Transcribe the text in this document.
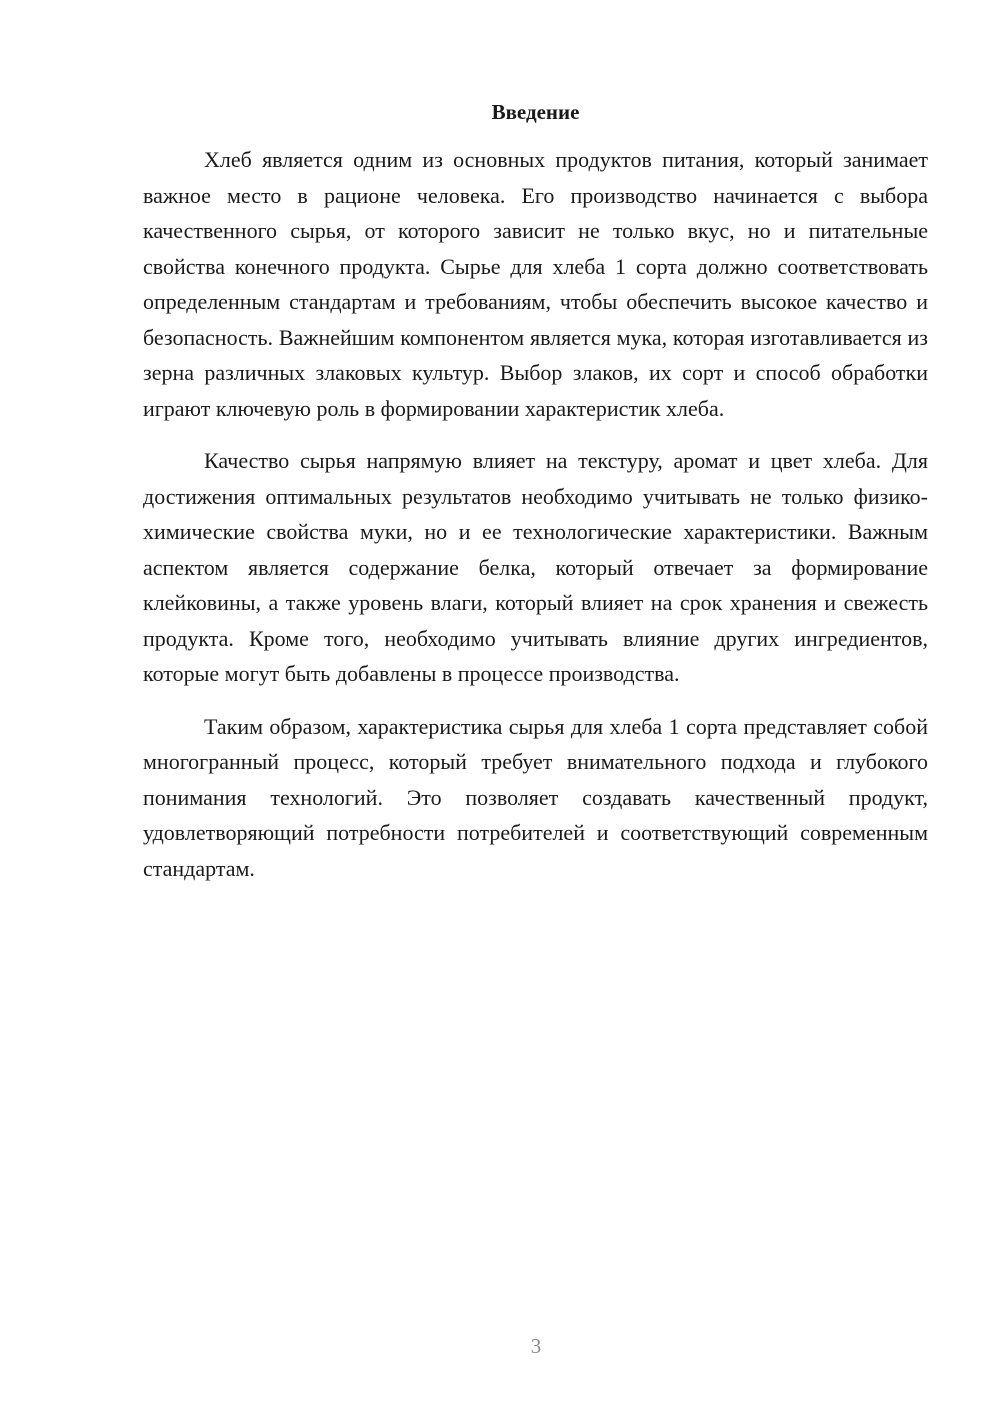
Введение

Хлеб является одним из основных продуктов питания, который занимает важное место в рационе человека. Его производство начинается с выбора качественного сырья, от которого зависит не только вкус, но и питательные свойства конечного продукта. Сырье для хлеба 1 сорта должно соответствовать определенным стандартам и требованиям, чтобы обеспечить высокое качество и безопасность. Важнейшим компонентом является мука, которая изготавливается из зерна различных злаковых культур. Выбор злаков, их сорт и способ обработки играют ключевую роль в формировании характеристик хлеба.

Качество сырья напрямую влияет на текстуру, аромат и цвет хлеба. Для достижения оптимальных результатов необходимо учитывать не только физико-химические свойства муки, но и ее технологические характеристики. Важным аспектом является содержание белка, который отвечает за формирование клейковины, а также уровень влаги, который влияет на срок хранения и свежесть продукта. Кроме того, необходимо учитывать влияние других ингредиентов, которые могут быть добавлены в процессе производства.

Таким образом, характеристика сырья для хлеба 1 сорта представляет собой многогранный процесс, который требует внимательного подхода и глубокого понимания технологий. Это позволяет создавать качественный продукт, удовлетворяющий потребности потребителей и соответствующий современным стандартам.

3
